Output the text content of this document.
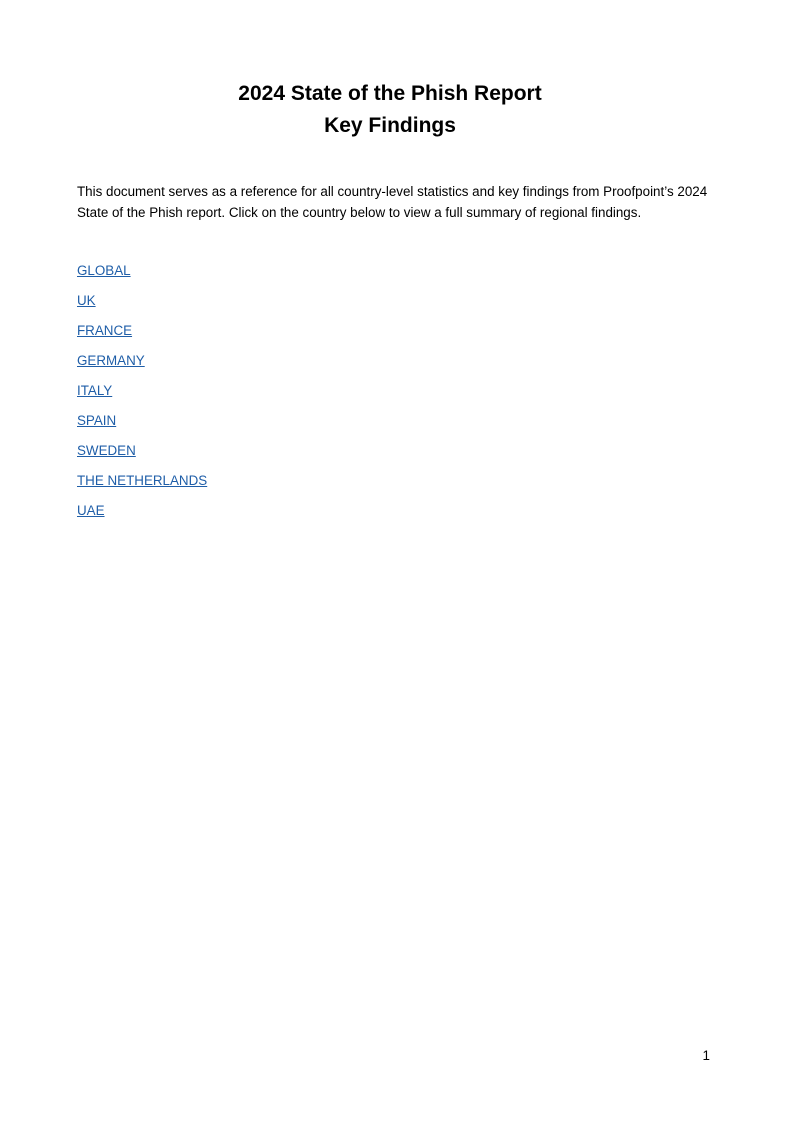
2024 State of the Phish Report

Key Findings

This document serves as a reference for all country-level statistics and key findings from Proofpoint’s 2024 State of the Phish report. Click on the country below to view a full summary of regional findings.

GLOBAL
UK
FRANCE
GERMANY
ITALY
SPAIN
SWEDEN
THE NETHERLANDS
UAE
1
